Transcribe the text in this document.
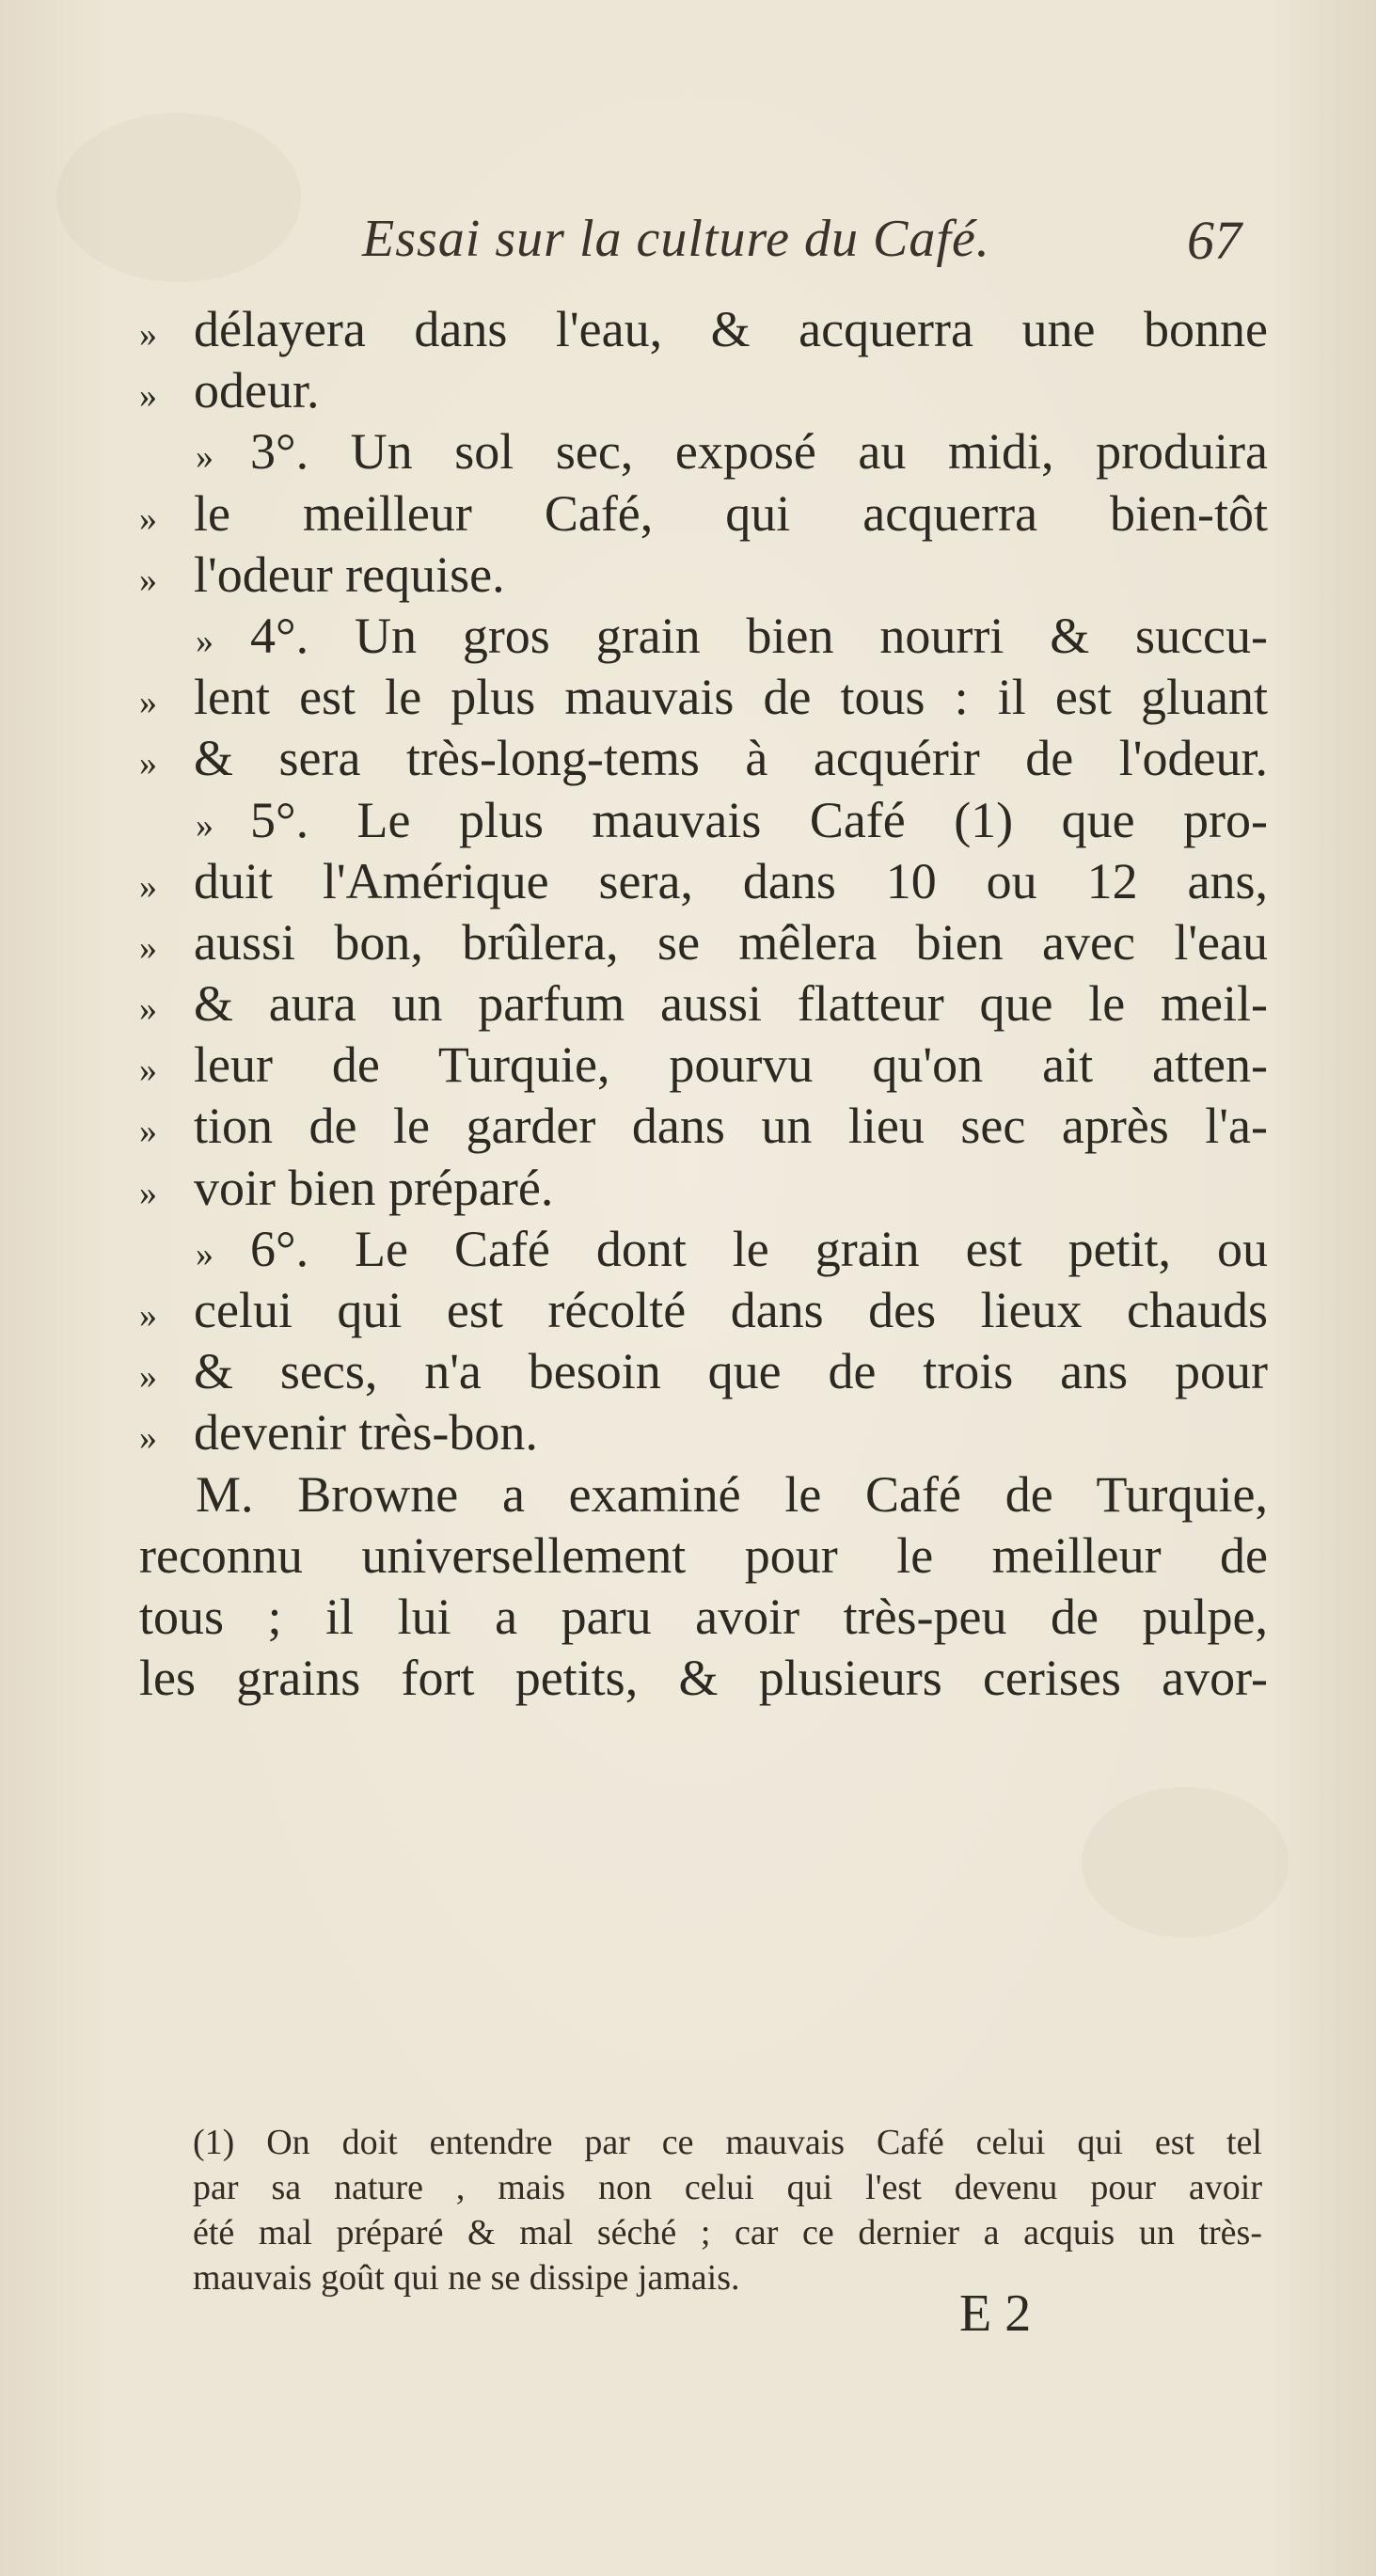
Essai sur la culture du Café.	67
» délayera dans l'eau, & acquerra une bonne
» odeur.
» 3°. Un sol sec, exposé au midi, produira
» le meilleur Café, qui acquerra bien-tôt
» l'odeur requise.
» 4°. Un gros grain bien nourri & succu-
» lent est le plus mauvais de tous : il est gluant
» & sera très-long-tems à acquérir de l'odeur.
» 5°. Le plus mauvais Café (1) que pro-
» duit l'Amérique sera, dans 10 ou 12 ans,
» aussi bon, brûlera, se mêlera bien avec l'eau
» & aura un parfum aussi flatteur que le meil-
» leur de Turquie, pourvu qu'on ait atten-
» tion de le garder dans un lieu sec après l'a-
» voir bien préparé.
» 6°. Le Café dont le grain est petit, ou
» celui qui est récolté dans des lieux chauds
» & secs, n'a besoin que de trois ans pour
» devenir très-bon.
M. Browne a examiné le Café de Turquie,
reconnu universellement pour le meilleur de
tous ; il lui a paru avoir très-peu de pulpe,
les grains fort petits, & plusieurs cerises avor-
(1) On doit entendre par ce mauvais Café celui qui est tel
par sa nature , mais non celui qui l'est devenu pour avoir
été mal préparé & mal séché ; car ce dernier a acquis un très-
mauvais goût qui ne se dissipe jamais.
E 2
